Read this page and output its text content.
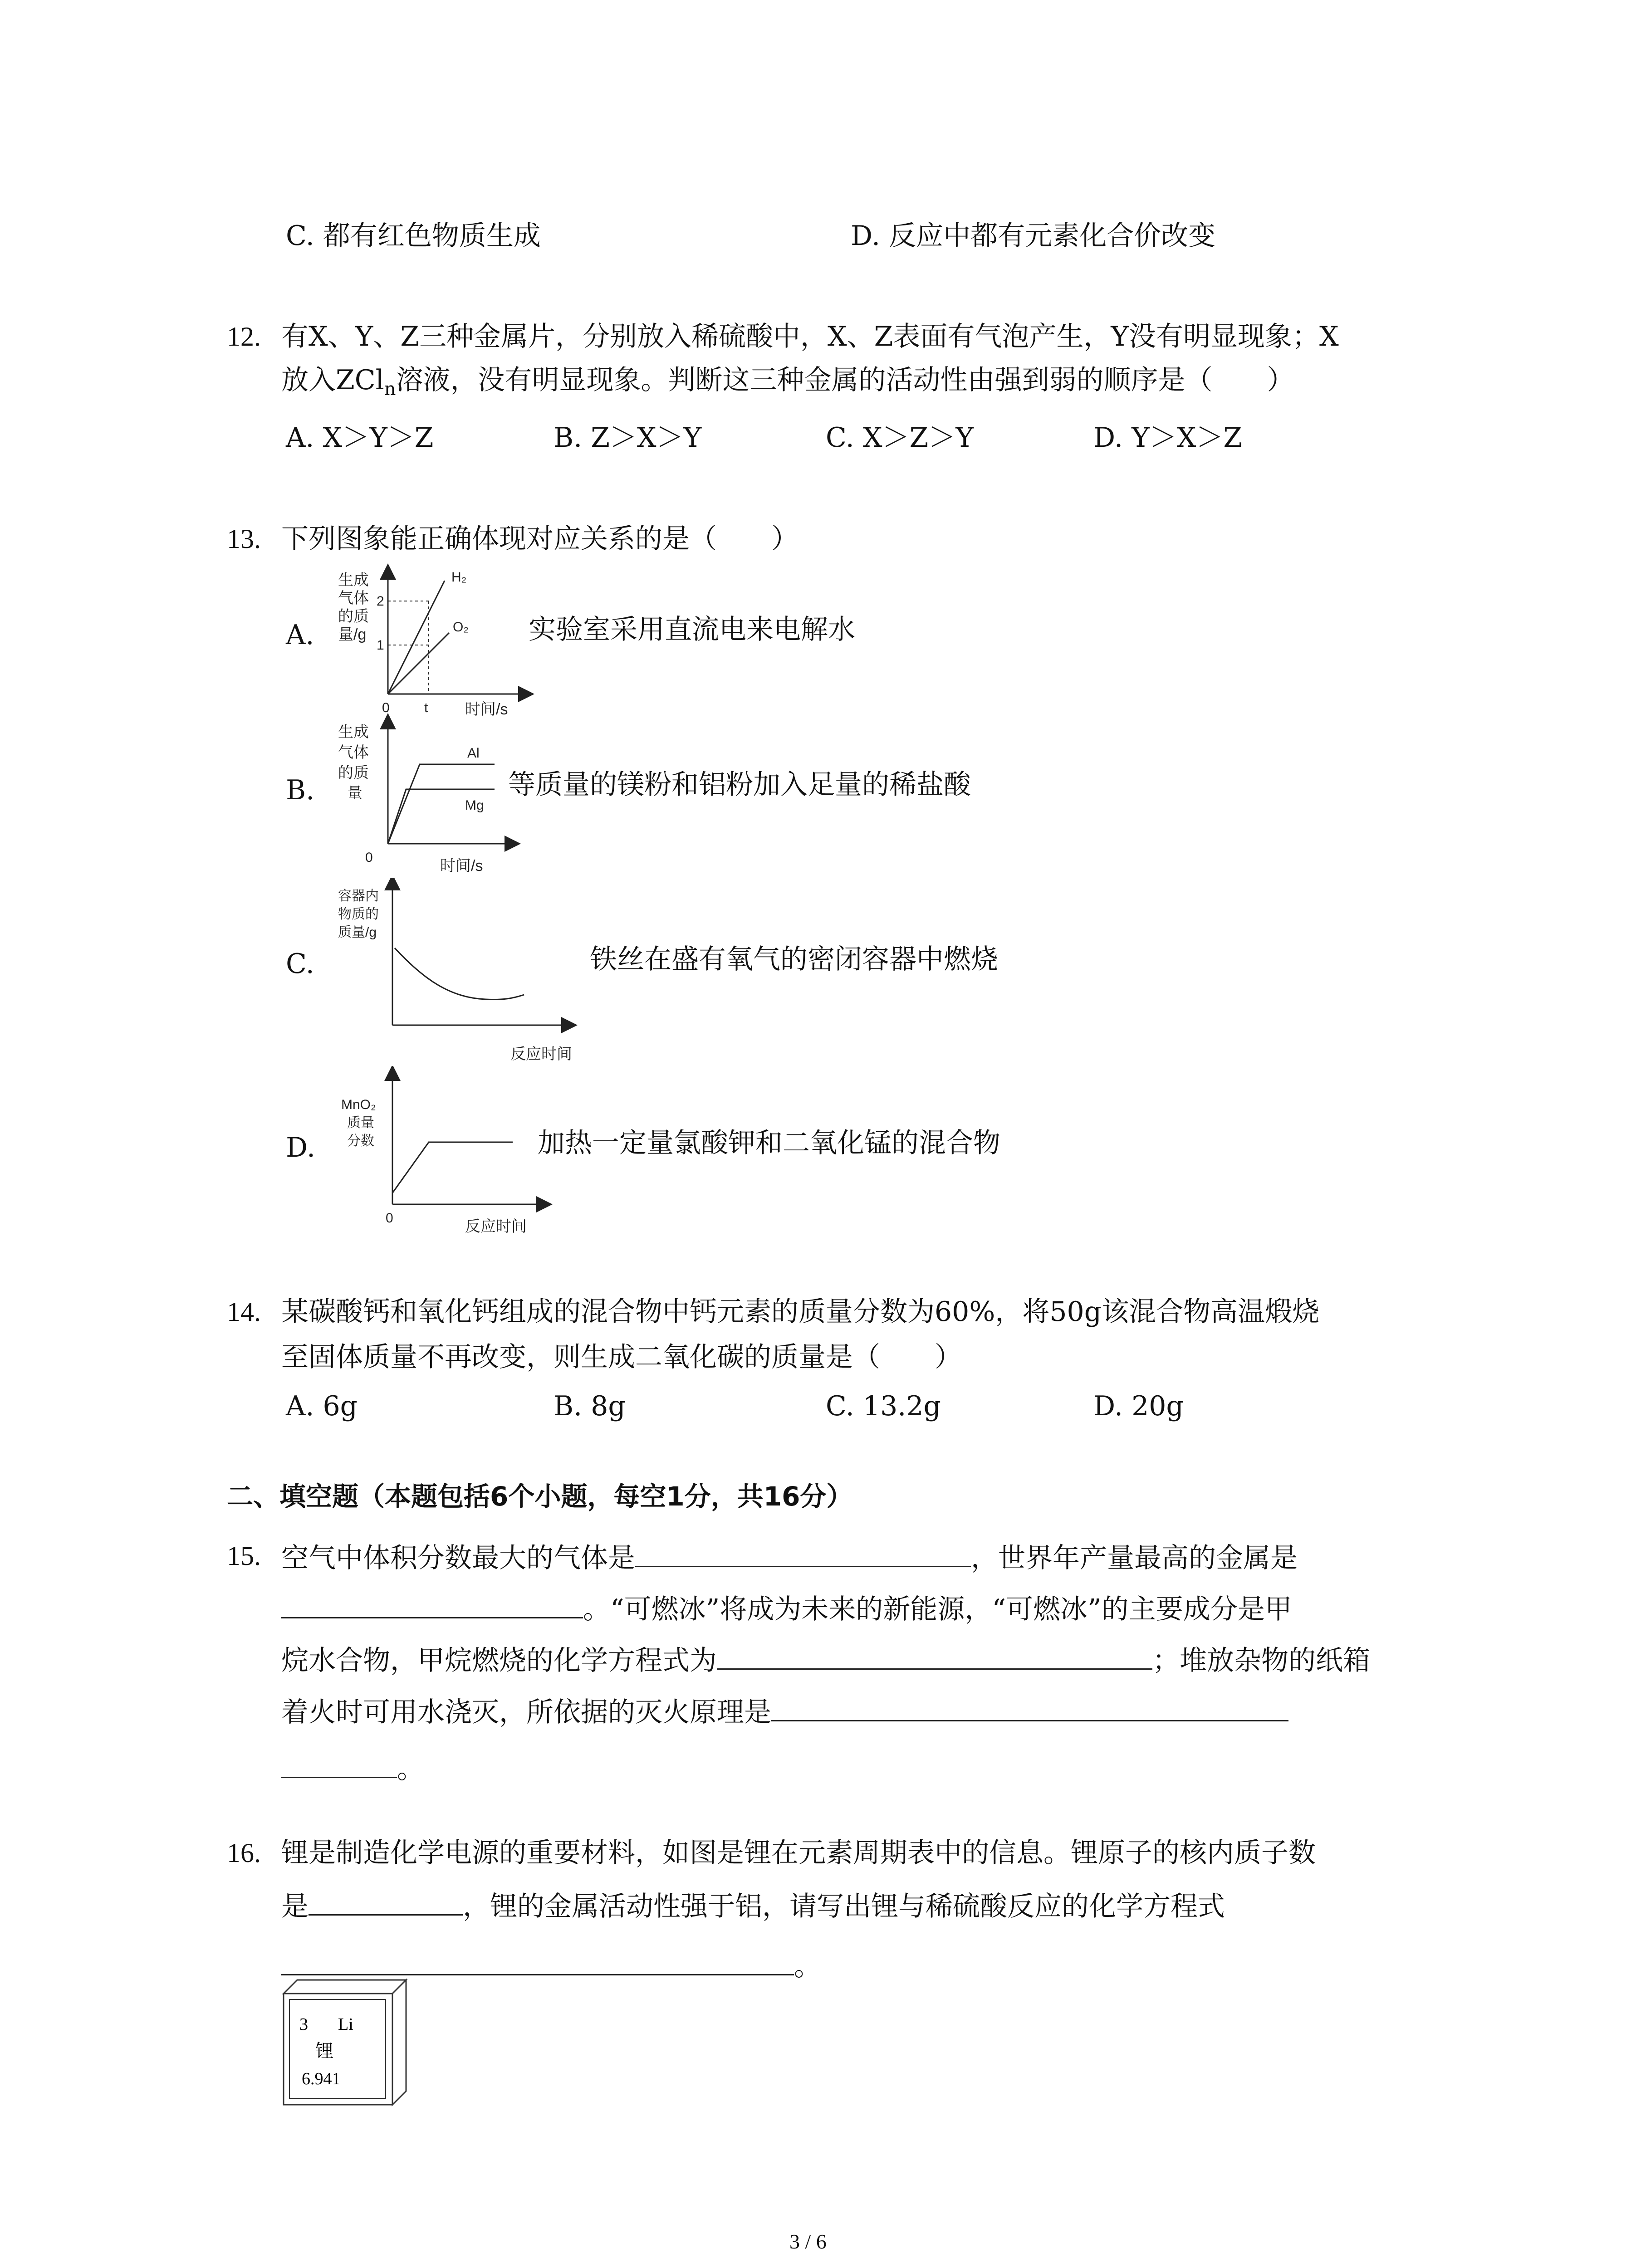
C. 都有红色物质生成	D. 反应中都有元素化合价改变
12. 有X、Y、Z三种金属片，分别放入稀硫酸中，X、Z表面有气泡产生，Y没有明显现象；X
放入ZCl$_n$溶液，没有明显现象。判断这三种金属的活动性由强到弱的顺序是（　　）
A. X＞Y＞Z	B. Z＞X＞Y	C. X＞Z＞Y	D. Y＞X＞Z
13. 下列图象能正确体现对应关系的是（　　）
A.
生成
气体
的质
量/g
2
1
0	t 时间/s
H₂
O₂ 实验室采用直流电来电解水
B.
生成
气体
的质
量
0	时间/s
Al
Mg
等质量的镁粉和铝粉加入足量的稀盐酸
C.
容器内
物质的
质量/g
反应时间
铁丝在盛有氧气的密闭容器中燃烧
D.
MnO₂
质量
分数
0	反应时间
加热一定量氯酸钾和二氧化锰的混合物
14. 某碳酸钙和氧化钙组成的混合物中钙元素的质量分数为60%，将50g该混合物高温煅烧
至固体质量不再改变，则生成二氧化碳的质量是（　　）
A. 6g	B. 8g	C. 13.2g	D. 20g
二、填空题（本题包括6个小题，每空1分，共16分）
15. 空气中体积分数最大的气体是	，世界年产量最高的金属是
。“可燃冰”将成为未来的新能源，“可燃冰”的主要成分是甲
烷水合物，甲烷燃烧的化学方程式为	；堆放杂物的纸箱
着火时可用水浇灭，所依据的灭火原理是
。
16. 锂是制造化学电源的重要材料，如图是锂在元素周期表中的信息。锂原子的核内质子数
是	，锂的金属活动性强于铝，请写出锂与稀硫酸反应的化学方程式
。
3 Li
锂
6.941
3 / 6
